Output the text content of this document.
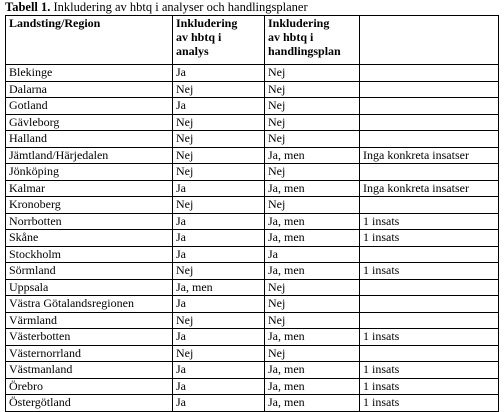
Tabell 1. Inkludering av hbtq i analyser och handlingsplaner
Landsting/Region	Inkludering
av hbtq i
analys	Inkludering
av hbtq i
handlingsplan	

Blekinge	Ja	Nej	
Dalarna	Nej	Nej	
Gotland	Ja	Nej	
Gävleborg	Nej	Nej	
Halland	Nej	Nej	
Jämtland/Härjedalen	Nej	Ja, men	Inga konkreta insatser
Jönköping	Nej	Nej	
Kalmar	Ja	Ja, men	Inga konkreta insatser
Kronoberg	Nej	Nej	
Norrbotten	Ja	Ja, men	1 insats
Skåne	Ja	Ja, men	1 insats
Stockholm	Ja	Ja	
Sörmland	Nej	Ja, men	1 insats
Uppsala	Ja, men	Nej	
Västra Götalandsregionen	Ja	Nej	
Värmland	Nej	Nej	
Västerbotten	Ja	Ja, men	1 insats
Västernorrland	Nej	Nej	
Västmanland	Ja	Ja, men	1 insats
Örebro	Ja	Ja, men	1 insats
Östergötland	Ja	Ja, men	1 insats
